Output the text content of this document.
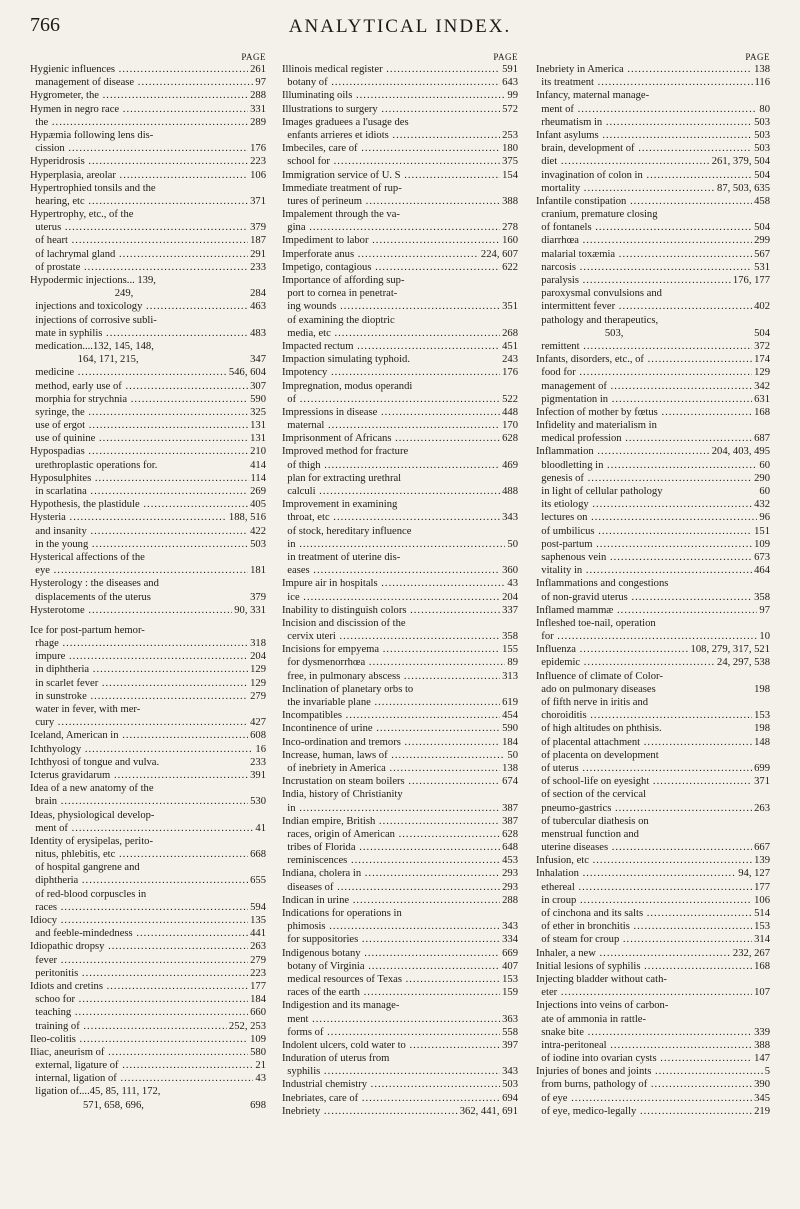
766	ANALYTICAL INDEX.
PAGE
Hygienic influences .....	261
management of disease .....	97
Hygrometer, the .....	288
Hymen in negro race .....	331
the .....	289
Hypæmia following lens dis-
cission .....	176
Hyperidrosis .....	223
Hyperplasia, areolar .....	106
Hypertrophied tonsils and the
hearing, etc .....	371
Hypertrophy, etc., of the
uterus .....	379
of heart .....	187
of lachrymal gland .....	291
of prostate .....	233
Hypodermic injections... 139,
249,	284
injections and toxicology .....	463
injections of corrosive subli-
mate in syphilis .....	483
medication....132, 145, 148,
164, 171, 215,	347
medicine .....	546, 604
method, early use of .....	307
morphia for strychnia .....	590
syringe, the .....	325
use of ergot .....	131
use of quinine .....	131
Hypospadias .....	210
urethroplastic operations for.	414
Hyposulphites .....	114
in scarlatina .....	269
Hypothesis, the plastidule .....	405
Hysteria .....	188, 516
and insanity .....	422
in the young .....	503
Hysterical affections of the
eye .....	181
Hysterology : the diseases and
displacements of the uterus	379
Hysterotome .....	90, 331
Ice for post-partum hemor-
rhage .....	318
impure .....	204
in diphtheria .....	129
in scarlet fever .....	129
in sunstroke .....	279
water in fever, with mer-
cury .....	427
Iceland, American in .....	608
Ichthyology .....	16
Ichthyosi of tongue and vulva.	233
Icterus gravidarum .....	391
Idea of a new anatomy of the
brain .....	530
Ideas, physiological develop-
ment of .....	41
Identity of erysipelas, perito-
nitus, phlebitis, etc .....	668
of hospital gangrene and
diphtheria .....	655
of red-blood corpuscles in
races .....	594
Idiocy .....	135
and feeble-mindedness .....	441
Idiopathic dropsy .....	263
fever .....	279
peritonitis .....	223
Idiots and cretins .....	177
schoo for .....	184
teaching .....	660
training of .....	252, 253
Ileo-colitis .....	109
Iliac, aneurism of .....	580
external, ligature of .....	21
internal, ligation of .....	43
ligation of....45, 85, 111, 172,
571, 658, 696,	698
PAGE
Illinois medical register .....	591
botany of .....	643
Illuminating oils .....	99
Illustrations to surgery .....	572
Images graduees a l'usage des
enfants arrieres et idiots .....	253
Imbeciles, care of .....	180
school for .....	375
Immigration service of U. S .....	154
Immediate treatment of rup-
tures of perineum .....	388
Impalement through the va-
gina .....	278
Impediment to labor .....	160
Imperforate anus .....	224, 607
Impetigo, contagious .....	622
Importance of affording sup-
port to cornea in penetrat-
ing wounds .....	351
of examining the dioptric
media, etc .....	268
Impacted rectum .....	451
Impaction simulating typhoid.	243
Impotency .....	176
Impregnation, modus operandi
of .....	522
Impressions in disease .....	448
maternal .....	170
Imprisonment of Africans .....	628
Improved method for fracture
of thigh .....	469
plan for extracting urethral
calculi .....	488
Improvement in examining
throat, etc .....	343
of stock, hereditary influence
in .....	50
in treatment of uterine dis-
eases .....	360
Impure air in hospitals .....	43
ice .....	204
Inability to distinguish colors .....	337
Incision and discission of the
cervix uteri .....	358
Incisions for empyema .....	155
for dysmenorrhœa .....	89
free, in pulmonary abscess .....	313
Inclination of planetary orbs to
the invariable plane .....	619
Incompatibles .....	454
Incontinence of urine .....	590
Inco-ordination and tremors .....	184
Increase, human, laws of .....	50
of inebriety in America .....	138
Incrustation on steam boilers .....	674
India, history of Christianity
in .....	387
Indian empire, British .....	387
races, origin of American .....	628
tribes of Florida .....	648
reminiscences .....	453
Indiana, cholera in .....	293
diseases of .....	293
Indican in urine .....	288
Indications for operations in
phimosis .....	343
for suppositories .....	334
Indigenous botany .....	669
botany of Virginia .....	407
medical resources of Texas .....	153
races of the earth .....	159
Indigestion and its manage-
ment .....	363
forms of .....	558
Indolent ulcers, cold water to .....	397
Induration of uterus from
syphilis .....	343
Industrial chemistry .....	503
Inebriates, care of .....	694
Inebriety .....	362, 441, 691
PAGE
Inebriety in America .....	138
its treatment .....	116
Infancy, maternal manage-
ment of .....	80
rheumatism in .....	503
Infant asylums .....	503
brain, development of .....	503
diet .....	261, 379, 504
invagination of colon in .....	504
mortality .....	87, 503, 635
Infantile constipation .....	458
cranium, premature closing
of fontanels .....	504
diarrhœa .....	299
malarial toxæmia .....	567
narcosis .....	531
paralysis .....	176, 177
paroxysmal convulsions and
intermittent fever .....	402
pathology and therapeutics,
503,	504
remittent .....	372
Infants, disorders, etc., of .....	174
food for .....	129
management of .....	342
pigmentation in .....	631
Infection of mother by fœtus .....	168
Infidelity and materialism in
medical profession .....	687
Inflammation .....	204, 403, 495
bloodletting in .....	60
genesis of .....	290
in light of cellular pathology	60
its etiology .....	432
lectures on .....	96
of umbilicus .....	151
post-partum .....	109
saphenous vein .....	673
vitality in .....	464
Inflammations and congestions
of non-gravid uterus .....	358
Inflamed mammæ .....	97
Infleshed toe-nail, operation
for .....	10
Influenza .....	108, 279, 317, 521
epidemic .....	24, 297, 538
Influence of climate of Color-
ado on pulmonary diseases	198
of fifth nerve in iritis and
choroiditis .....	153
of high altitudes on phthisis.	198
of placental attachment .....	148
of placenta on development
of uterus .....	699
of school-life on eyesight .....	371
of section of the cervical
pneumo-gastrics .....	263
of tubercular diathesis on
menstrual function and
uterine diseases .....	667
Infusion, etc .....	139
Inhalation .....	94, 127
ethereal .....	177
in croup .....	106
of cinchona and its salts .....	514
of ether in bronchitis .....	153
of steam for croup .....	314
Inhaler, a new .....	232, 267
Initial lesions of syphilis .....	168
Injecting bladder without cath-
eter .....	107
Injections into veins of carbon-
ate of ammonia in rattle-
snake bite .....	339
intra-peritoneal .....	388
of iodine into ovarian cysts .....	147
Injuries of bones and joints .....	5
from burns, pathology of .....	390
of eye .....	345
of eye, medico-legally .....	219
